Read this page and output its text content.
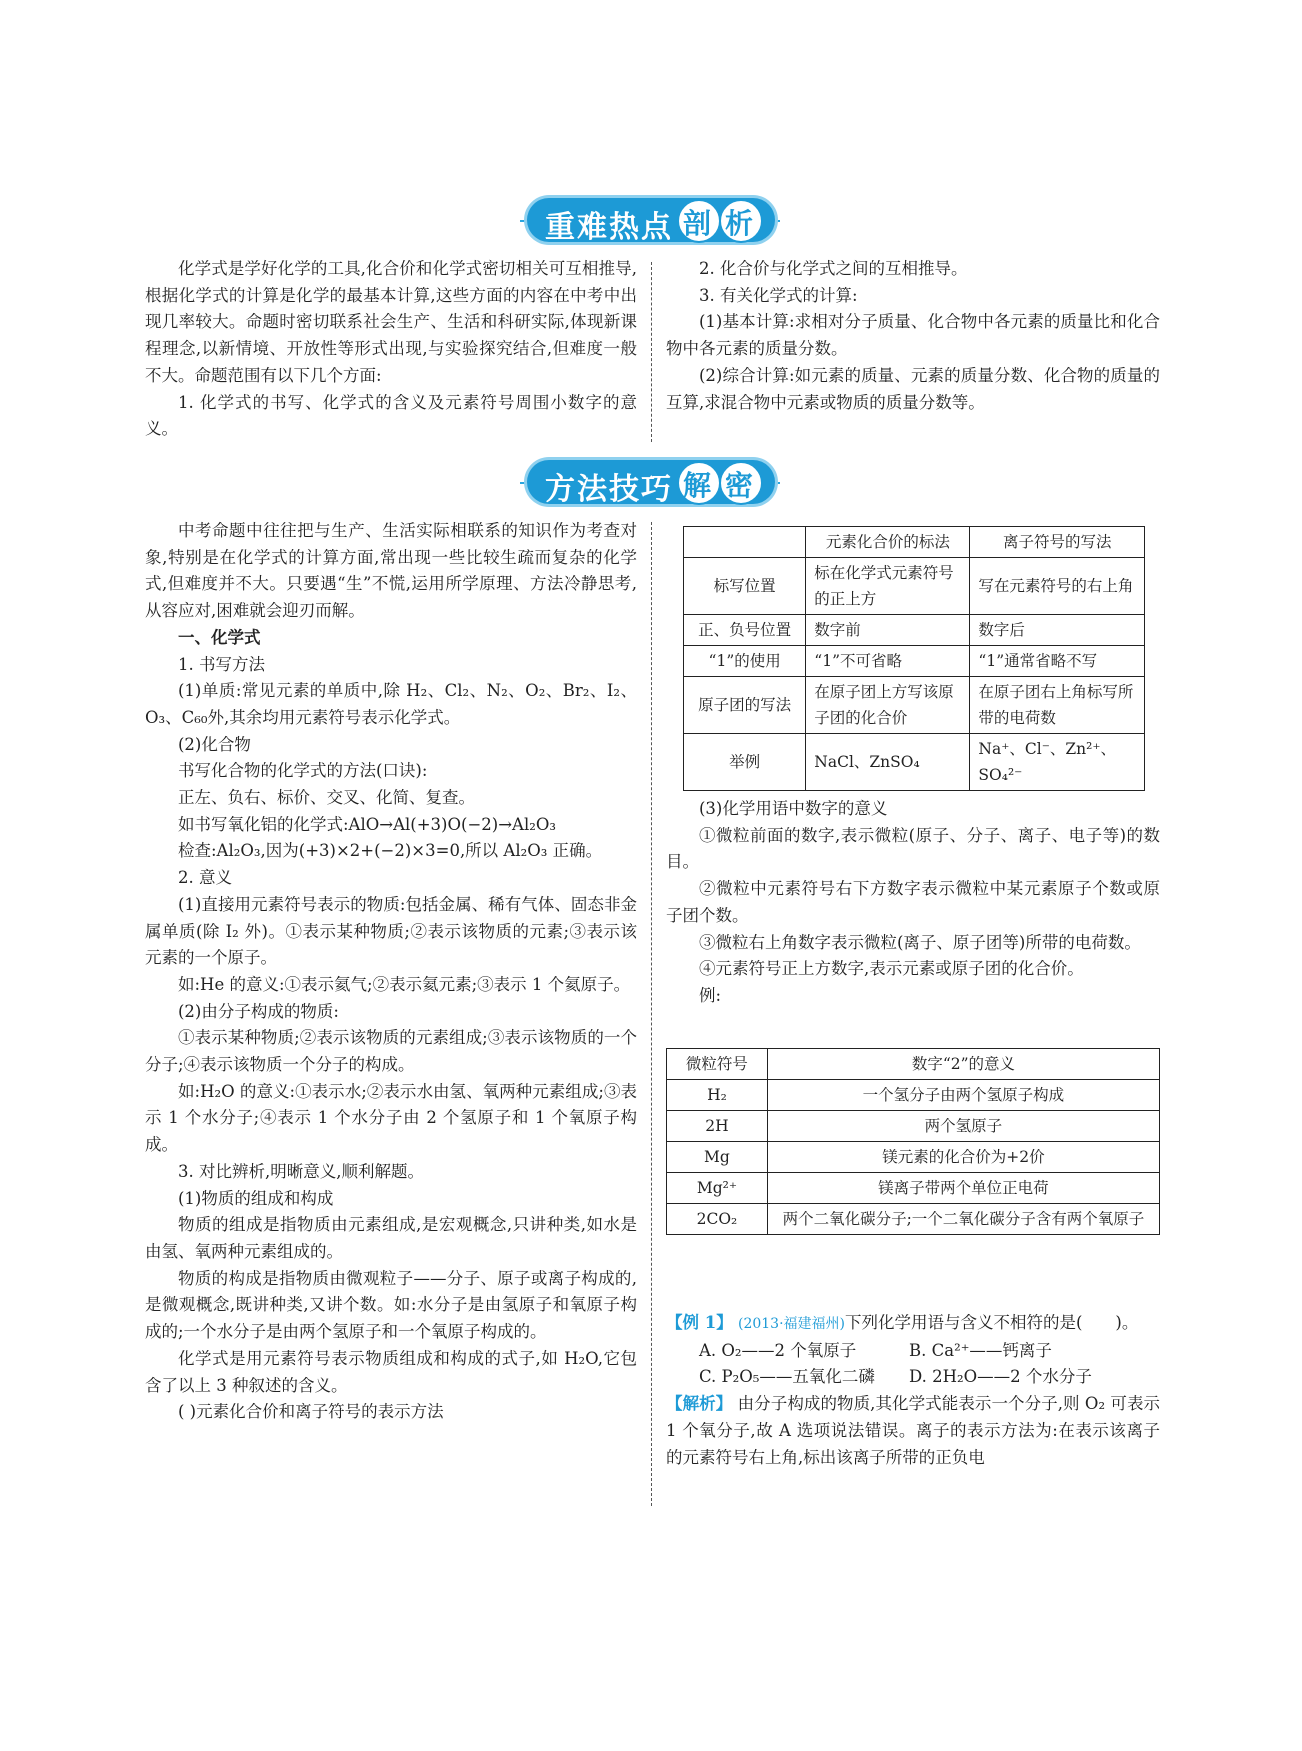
重难热点 剖 析

化学式是学好化学的工具,化合价和化学式密切相关可互相推导,根据化学式的计算是化学的最基本计算,这些方面的内容在中考中出现几率较大。命题时密切联系社会生产、生活和科研实际,体现新课程理念,以新情境、开放性等形式出现,与实验探究结合,但难度一般不大。命题范围有以下几个方面:

1. 化学式的书写、化学式的含义及元素符号周围小数字的意义。

2. 化合价与化学式之间的互相推导。

3. 有关化学式的计算:

(1)基本计算:求相对分子质量、化合物中各元素的质量比和化合物中各元素的质量分数。

(2)综合计算:如元素的质量、元素的质量分数、化合物的质量的互算,求混合物中元素或物质的质量分数等。

方法技巧 解 密

中考命题中往往把与生产、生活实际相联系的知识作为考查对象,特别是在化学式的计算方面,常出现一些比较生疏而复杂的化学式,但难度并不大。只要遇“生”不慌,运用所学原理、方法冷静思考,从容应对,困难就会迎刃而解。

一、化学式

1. 书写方法

(1)单质:常见元素的单质中,除 H₂、Cl₂、N₂、O₂、Br₂、I₂、O₃、C₆₀外,其余均用元素符号表示化学式。

(2)化合物

书写化合物的化学式的方法(口诀):

正左、负右、标价、交叉、化简、复查。

如书写氧化铝的化学式:AlO→Al(+3)O(−2)→Al₂O₃

检查:Al₂O₃,因为(+3)×2+(−2)×3=0,所以 Al₂O₃ 正确。

2. 意义

(1)直接用元素符号表示的物质:包括金属、稀有气体、固态非金属单质(除 I₂ 外)。①表示某种物质;②表示该物质的元素;③表示该元素的一个原子。

如:He 的意义:①表示氦气;②表示氦元素;③表示 1 个氦原子。

(2)由分子构成的物质:

①表示某种物质;②表示该物质的元素组成;③表示该物质的一个分子;④表示该物质一个分子的构成。

如:H₂O 的意义:①表示水;②表示水由氢、氧两种元素组成;③表示 1 个水分子;④表示 1 个水分子由 2 个氢原子和 1 个氧原子构成。

3. 对比辨析,明晰意义,顺利解题。

(1)物质的组成和构成

物质的组成是指物质由元素组成,是宏观概念,只讲种类,如水是由氢、氧两种元素组成的。

物质的构成是指物质由微观粒子——分子、原子或离子构成的,是微观概念,既讲种类,又讲个数。如:水分子是由氢原子和氧原子构成的;一个水分子是由两个氢原子和一个氧原子构成的。

化学式是用元素符号表示物质组成和构成的式子,如 H₂O,它包含了以上 3 种叙述的含义。

( )元素化合价和离子符号的表示方法

	元素化合价的标法	离子符号的写法
标写位置	标在化学式元素符号的正上方	写在元素符号的右上角
正、负号位置	数字前	数字后
“1”的使用	“1”不可省略	“1”通常省略不写
原子团的写法	在原子团上方写该原子团的化合价	在原子团右上角标写所带的电荷数
举例	NaCl、ZnSO₄	Na⁺、Cl⁻、Zn²⁺、SO₄²⁻

(3)化学用语中数字的意义

①微粒前面的数字,表示微粒(原子、分子、离子、电子等)的数目。

②微粒中元素符号右下方数字表示微粒中某元素原子个数或原子团个数。

③微粒右上角数字表示微粒(离子、原子团等)所带的电荷数。

④元素符号正上方数字,表示元素或原子团的化合价。

例:

微粒符号	数字“2”的意义
H₂	一个氢分子由两个氢原子构成
2H	两个氢原子
Mg	镁元素的化合价为+2价
Mg²⁺	镁离子带两个单位正电荷
2CO₂	两个二氧化碳分子;一个二氧化碳分子含有两个氧原子

【例 1】 (2013·福建福州)下列化学用语与含义不相符的是(　　)。

A. O₂——2 个氧原子	B. Ca²⁺——钙离子

C. P₂O₅——五氧化二磷 D. 2H₂O——2 个水分子

【解析】 由分子构成的物质,其化学式能表示一个分子,则 O₂ 可表示 1 个氧分子,故 A 选项说法错误。离子的表示方法为:在表示该离子的元素符号右上角,标出该离子所带的正负电
